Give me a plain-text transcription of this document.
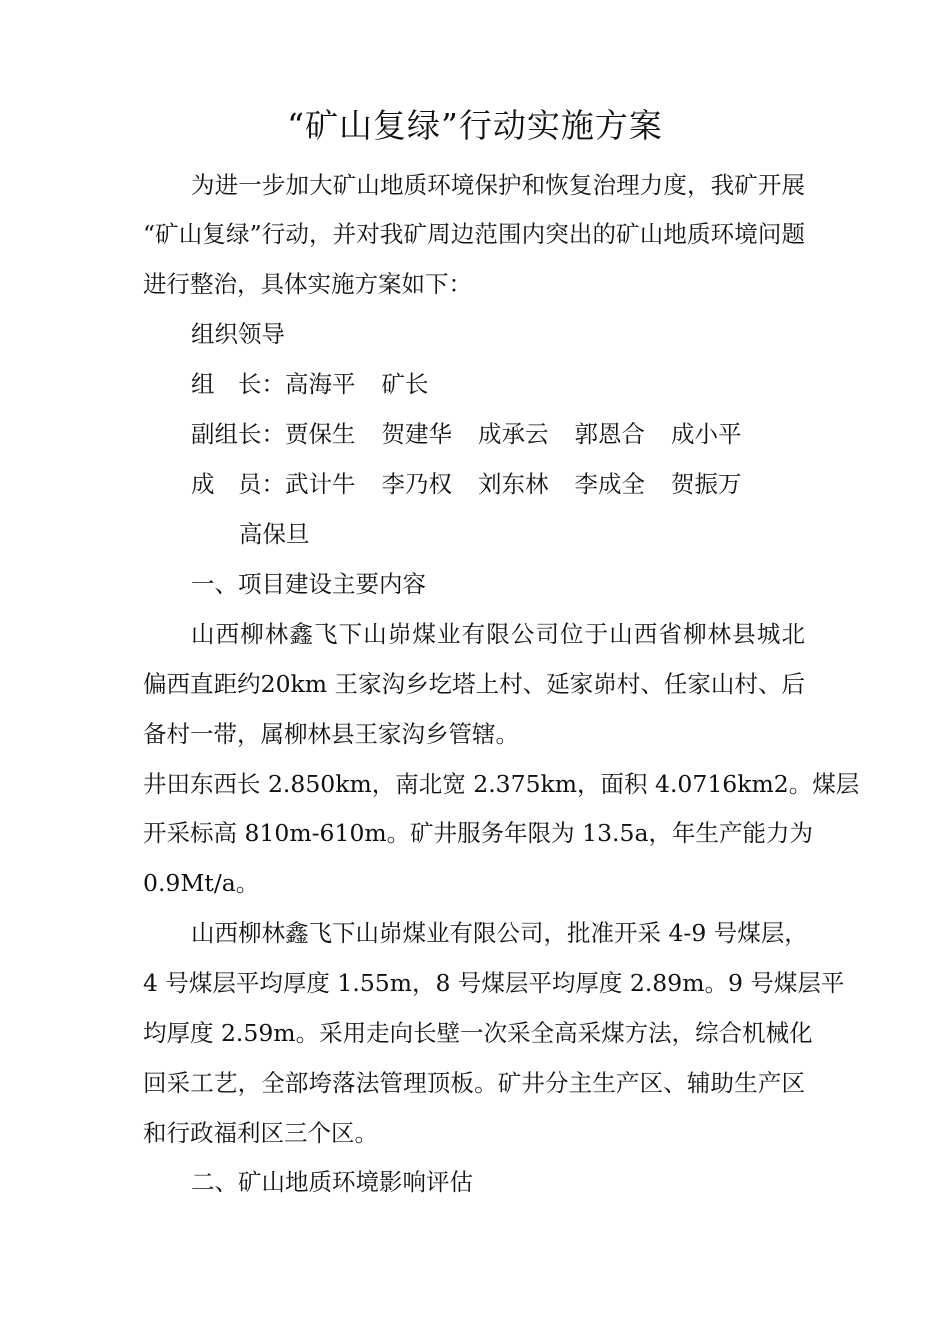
“矿山复绿”行动实施方案
为进一步加大矿山地质环境保护和恢复治理力度，我矿开展
“矿山复绿”行动，并对我矿周边范围内突出的矿山地质环境问题
进行整治，具体实施方案如下：
组织领导
组　长：高海平 矿长
副组长：贾保生 贺建华 成承云 郭恩合 成小平
成　员：武计牛 李乃权 刘东林 李成全 贺振万
高保旦
一、项目建设主要内容
山西柳林鑫飞下山峁煤业有限公司位于山西省柳林县城北
偏西直距约20km 王家沟乡圪塔上村、延家峁村、任家山村、后
备村一带，属柳林县王家沟乡管辖。
井田东西长 2.850km，南北宽 2.375km，面积 4.0716km2。煤层
开采标高 810m-610m。矿井服务年限为 13.5a，年生产能力为
0.9Mt/a。
山西柳林鑫飞下山峁煤业有限公司，批准开采 4-9 号煤层，
4 号煤层平均厚度 1.55m，8 号煤层平均厚度 2.89m。9 号煤层平
均厚度 2.59m。采用走向长壁一次采全高采煤方法，综合机械化
回采工艺，全部垮落法管理顶板。矿井分主生产区、辅助生产区
和行政福利区三个区。
二、矿山地质环境影响评估
